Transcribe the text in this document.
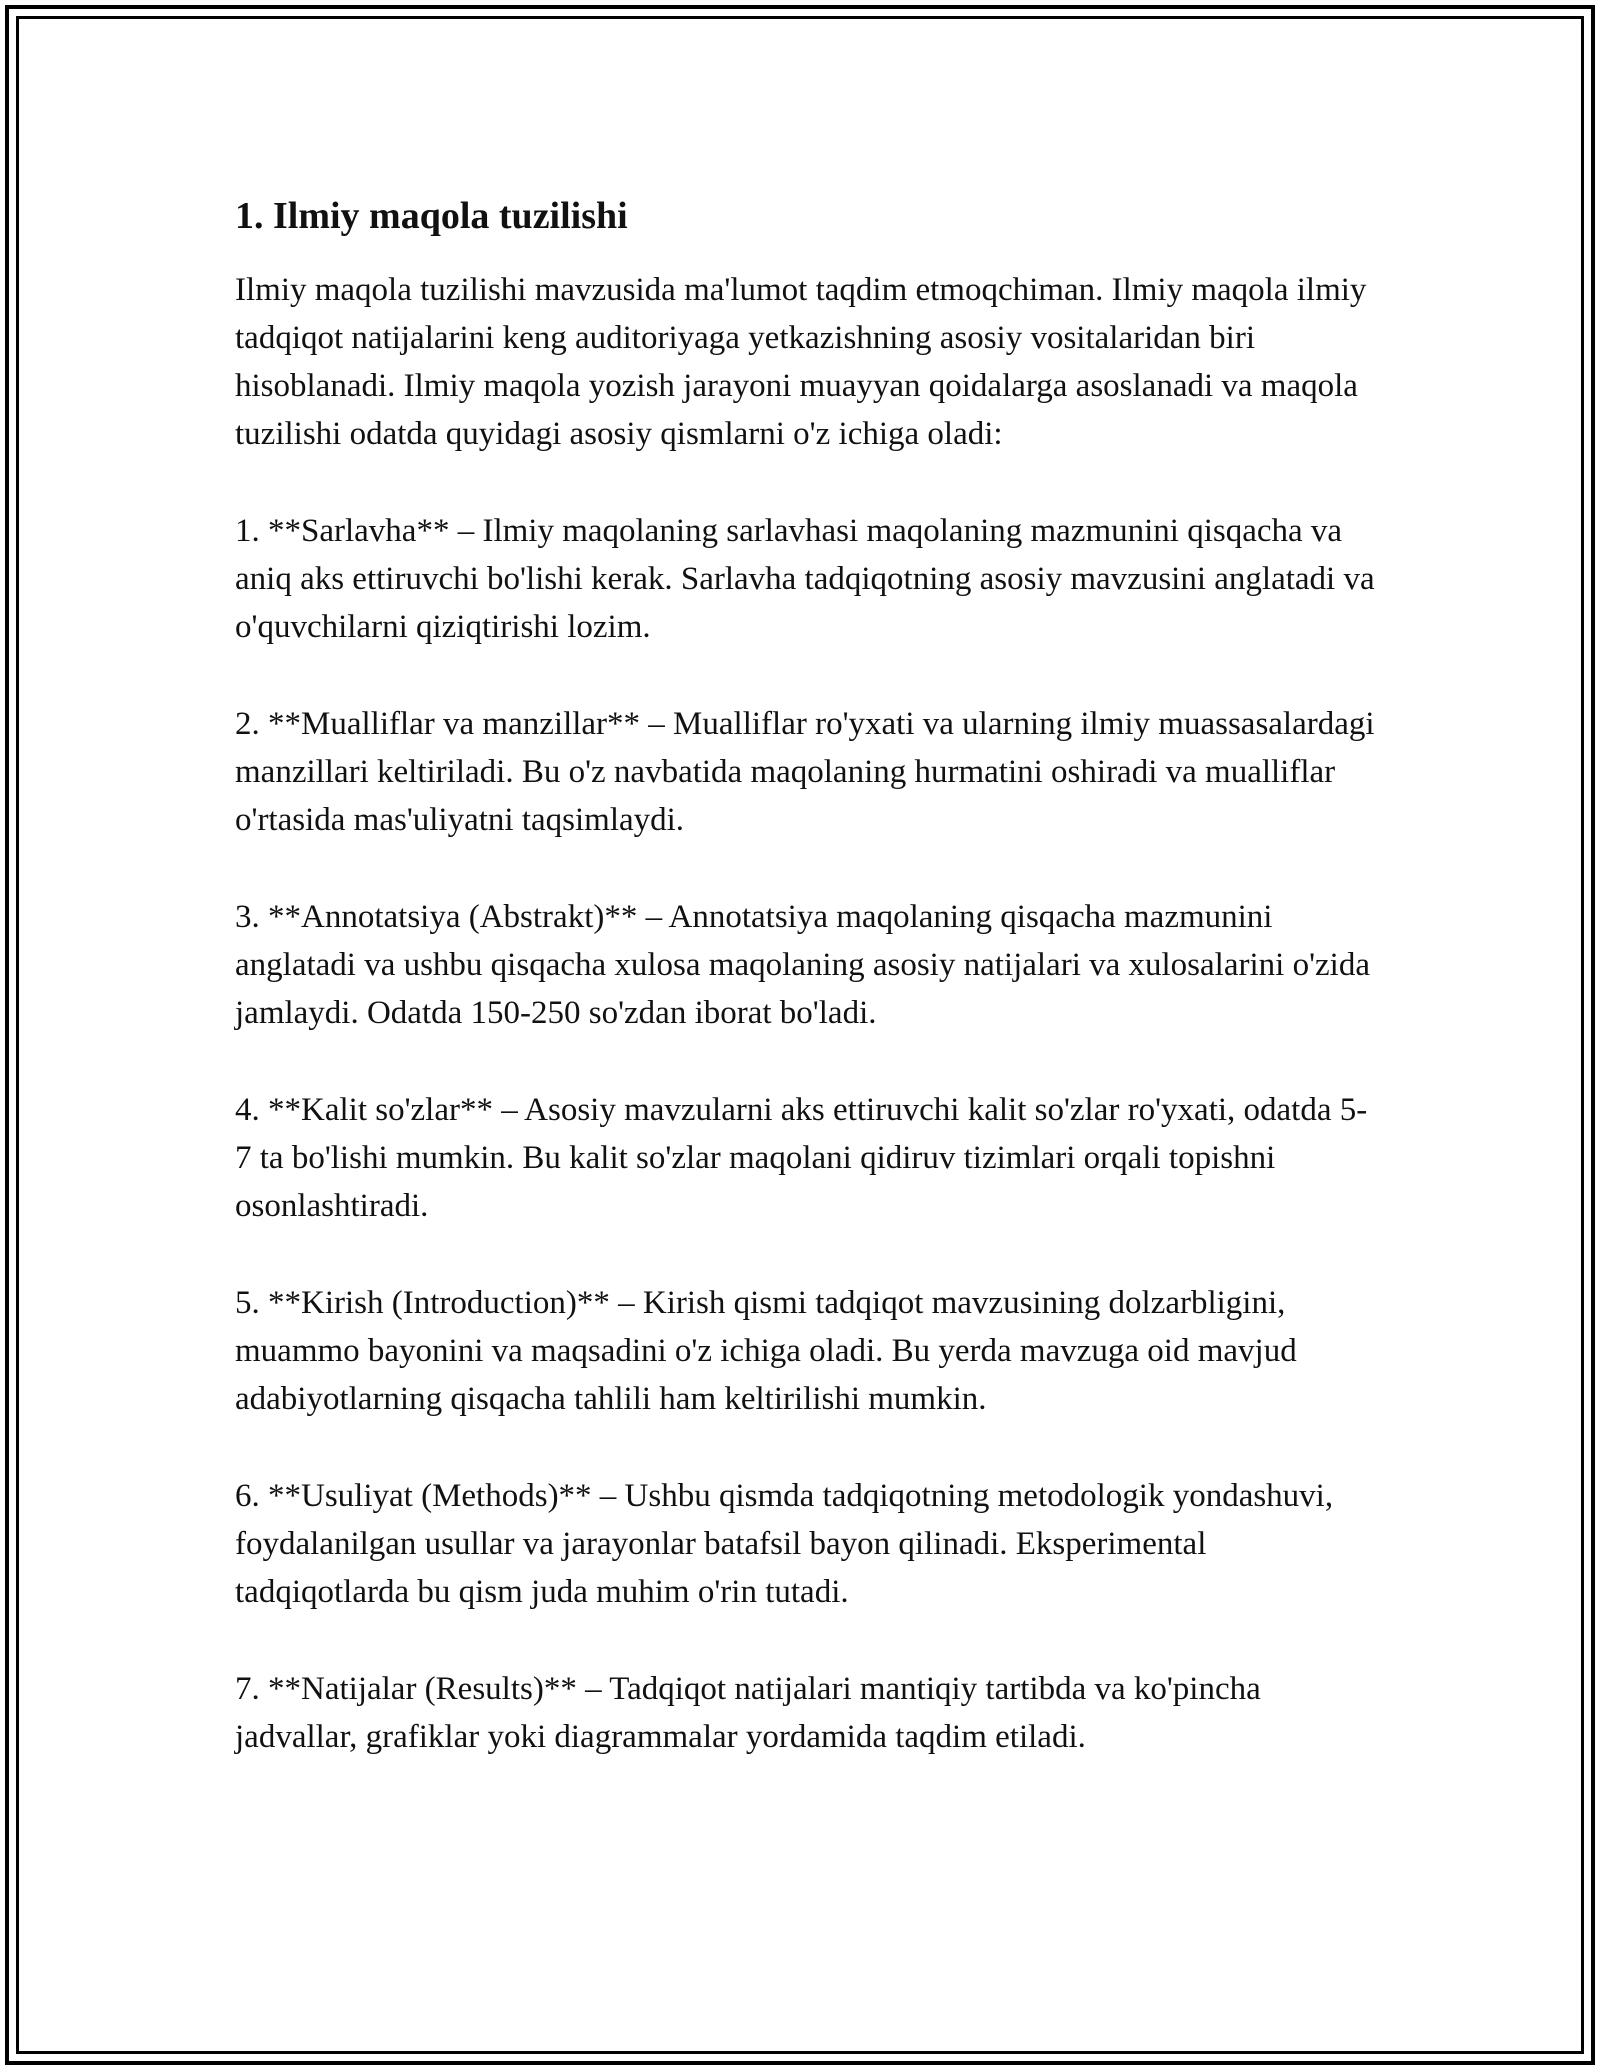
1. Ilmiy maqola tuzilishi

Ilmiy maqola tuzilishi mavzusida ma'lumot taqdim etmoqchiman. Ilmiy maqola ilmiy tadqiqot natijalarini keng auditoriyaga yetkazishning asosiy vositalaridan biri hisoblanadi. Ilmiy maqola yozish jarayoni muayyan qoidalarga asoslanadi va maqola tuzilishi odatda quyidagi asosiy qismlarni o'z ichiga oladi:

1. **Sarlavha** – Ilmiy maqolaning sarlavhasi maqolaning mazmunini qisqacha va aniq aks ettiruvchi bo'lishi kerak. Sarlavha tadqiqotning asosiy mavzusini anglatadi va o'quvchilarni qiziqtirishi lozim.

2. **Mualliflar va manzillar** – Mualliflar ro'yxati va ularning ilmiy muassasalardagi manzillari keltiriladi. Bu o'z navbatida maqolaning hurmatini oshiradi va mualliflar o'rtasida mas'uliyatni taqsimlaydi.

3. **Annotatsiya (Abstrakt)** – Annotatsiya maqolaning qisqacha mazmunini anglatadi va ushbu qisqacha xulosa maqolaning asosiy natijalari va xulosalarini o'zida jamlaydi. Odatda 150-250 so'zdan iborat bo'ladi.

4. **Kalit so'zlar** – Asosiy mavzularni aks ettiruvchi kalit so'zlar ro'yxati, odatda 5-7 ta bo'lishi mumkin. Bu kalit so'zlar maqolani qidiruv tizimlari orqali topishni osonlashtiradi.

5. **Kirish (Introduction)** – Kirish qismi tadqiqot mavzusining dolzarbligini, muammo bayonini va maqsadini o'z ichiga oladi. Bu yerda mavzuga oid mavjud adabiyotlarning qisqacha tahlili ham keltirilishi mumkin.

6. **Usuliyat (Methods)** – Ushbu qismda tadqiqotning metodologik yondashuvi, foydalanilgan usullar va jarayonlar batafsil bayon qilinadi. Eksperimental tadqiqotlarda bu qism juda muhim o'rin tutadi.

7. **Natijalar (Results)** – Tadqiqot natijalari mantiqiy tartibda va ko'pincha jadvallar, grafiklar yoki diagrammalar yordamida taqdim etiladi.
